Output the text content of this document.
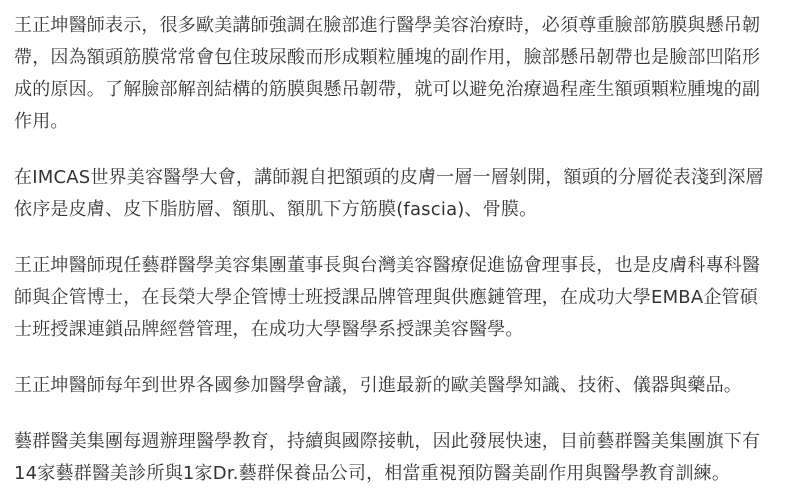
王正坤醫師表示，很多歐美講師強調在臉部進行醫學美容治療時，必須尊重臉部筋膜與懸吊韌
帶，因為額頭筋膜常常會包住玻尿酸而形成顆粒腫塊的副作用，臉部懸吊韌帶也是臉部凹陷形
成的原因。了解臉部解剖結構的筋膜與懸吊韌帶，就可以避免治療過程產生額頭顆粒腫塊的副
作用。

在IMCAS世界美容醫學大會，講師親自把額頭的皮膚一層一層剝開，額頭的分層從表淺到深層
依序是皮膚、皮下脂肪層、額肌、額肌下方筋膜(fascia)、骨膜。

王正坤醫師現任藝群醫學美容集團董事長與台灣美容醫療促進協會理事長，也是皮膚科專科醫
師與企管博士，在長榮大學企管博士班授課品牌管理與供應鏈管理，在成功大學EMBA企管碩
士班授課連鎖品牌經營管理，在成功大學醫學系授課美容醫學。

王正坤醫師每年到世界各國參加醫學會議，引進最新的歐美醫學知識、技術、儀器與藥品。

藝群醫美集團每週辦理醫學教育，持續與國際接軌，因此發展快速，目前藝群醫美集團旗下有
14家藝群醫美診所與1家Dr.藝群保養品公司，相當重視預防醫美副作用與醫學教育訓練。
